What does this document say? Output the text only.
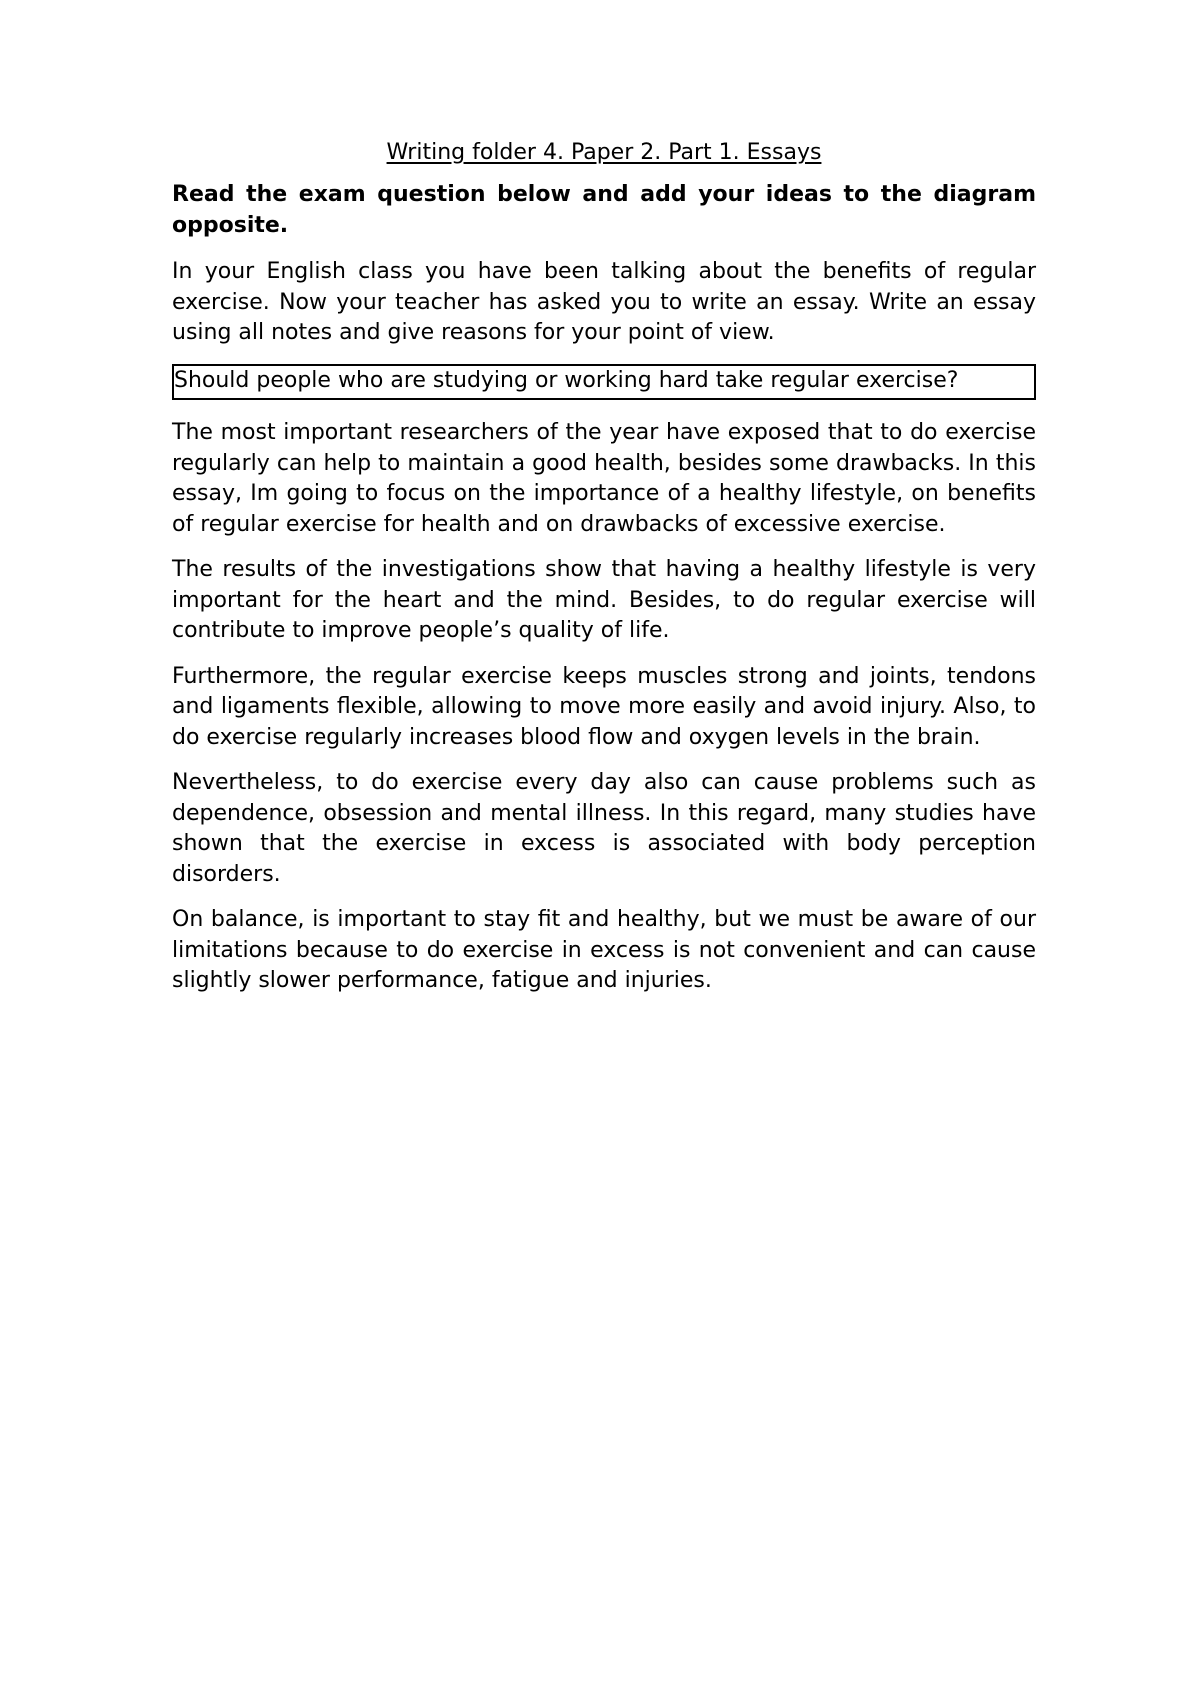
Writing folder 4. Paper 2. Part 1. Essays

Read the exam question below and add your ideas to the diagram opposite.

In your English class you have been talking about the benefits of regular exercise. Now your teacher has asked you to write an essay. Write an essay using all notes and give reasons for your point of view.

Should people who are studying or working hard take regular exercise?

The most important researchers of the year have exposed that to do exercise regularly can help to maintain a good health, besides some drawbacks. In this essay, Im going to focus on the importance of a healthy lifestyle, on benefits of regular exercise for health and on drawbacks of excessive exercise.

The results of the investigations show that having a healthy lifestyle is very important for the heart and the mind. Besides, to do regular exercise will contribute to improve people’s quality of life.

Furthermore, the regular exercise keeps muscles strong and joints, tendons and ligaments flexible, allowing to move more easily and avoid injury. Also, to do exercise regularly increases blood flow and oxygen levels in the brain.

Nevertheless, to do exercise every day also can cause problems such as dependence, obsession and mental illness. In this regard, many studies have shown that the exercise in excess is associated with body perception disorders.

On balance, is important to stay fit and healthy, but we must be aware of our limitations because to do exercise in excess is not convenient and can cause slightly slower performance, fatigue and injuries.
